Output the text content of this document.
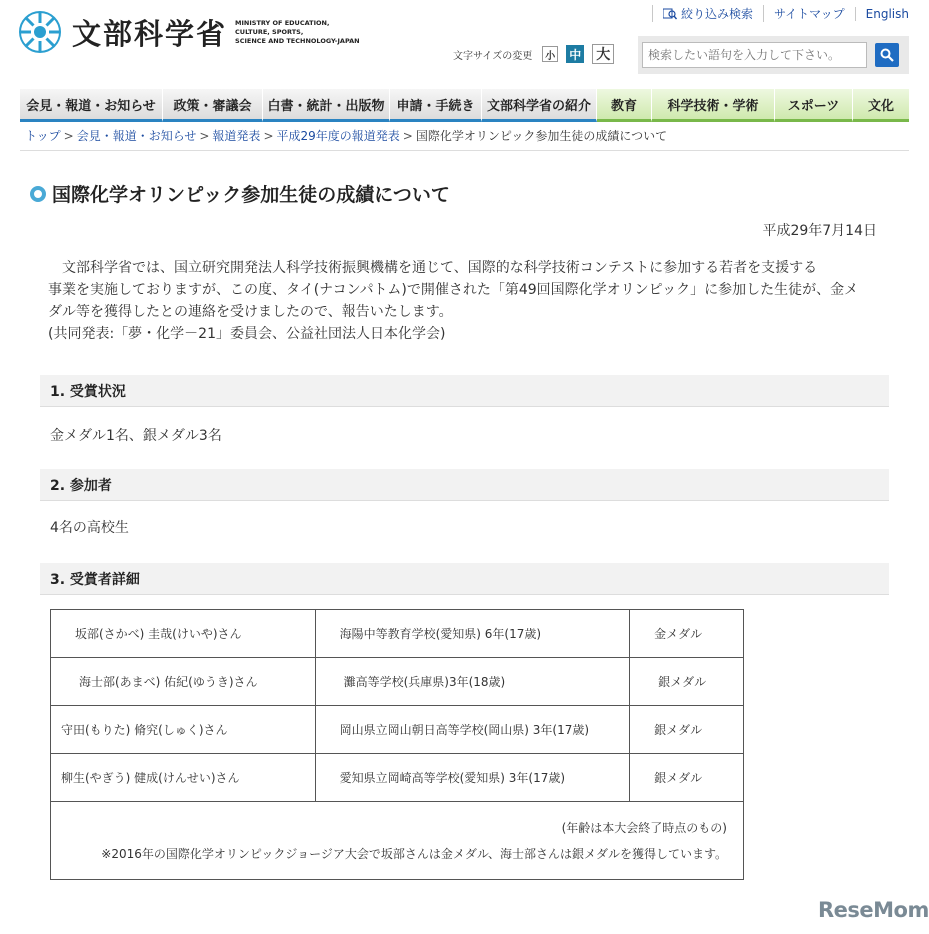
文部科学省 MINISTRY OF EDUCATION,
CULTURE, SPORTS,
SCIENCE AND TECHNOLOGY-JAPAN
絞り込み検索	サイトマップ	English
文字サイズの変更	小 中 大
検索したい語句を入力して下さい。
会見・報道・お知らせ	政策・審議会	白書・統計・出版物 申請・手続き 文部科学省の紹介	教育	科学技術・学術	スポーツ	文化
トップ > 会見・報道・お知らせ > 報道発表 > 平成29年度の報道発表 > 国際化学オリンピック参加生徒の成績について
国際化学オリンピック参加生徒の成績について
平成29年7月14日
　文部科学省では、国立研究開発法人科学技術振興機構を通じて、国際的な科学技術コンテストに参加する若者を支援する
事業を実施しておりますが、この度、タイ(ナコンパトム)で開催された「第49回国際化学オリンピック」に参加した生徒が、金メ
ダル等を獲得したとの連絡を受けましたので、報告いたします。
(共同発表:「夢・化学－21」委員会、公益社団法人日本化学会)
1. 受賞状況
金メダル1名、銀メダル3名
2. 参加者
4名の高校生
3. 受賞者詳細
坂部(さかべ) 圭哉(けいや)さん	海陽中等教育学校(愛知県) 6年(17歳)	金メダル
海士部(あまべ) 佑紀(ゆうき)さん	灘高等学校(兵庫県)3年(18歳)	銀メダル
守田(もりた) 脩究(しゅく)さん	岡山県立岡山朝日高等学校(岡山県) 3年(17歳)	銀メダル
柳生(やぎう) 健成(けんせい)さん	愛知県立岡崎高等学校(愛知県) 3年(17歳)	銀メダル

(年齢は本大会終了時点のもの)
※2016年の国際化学オリンピックジョージア大会で坂部さんは金メダル、海士部さんは銀メダルを獲得しています。		
ReseMom
